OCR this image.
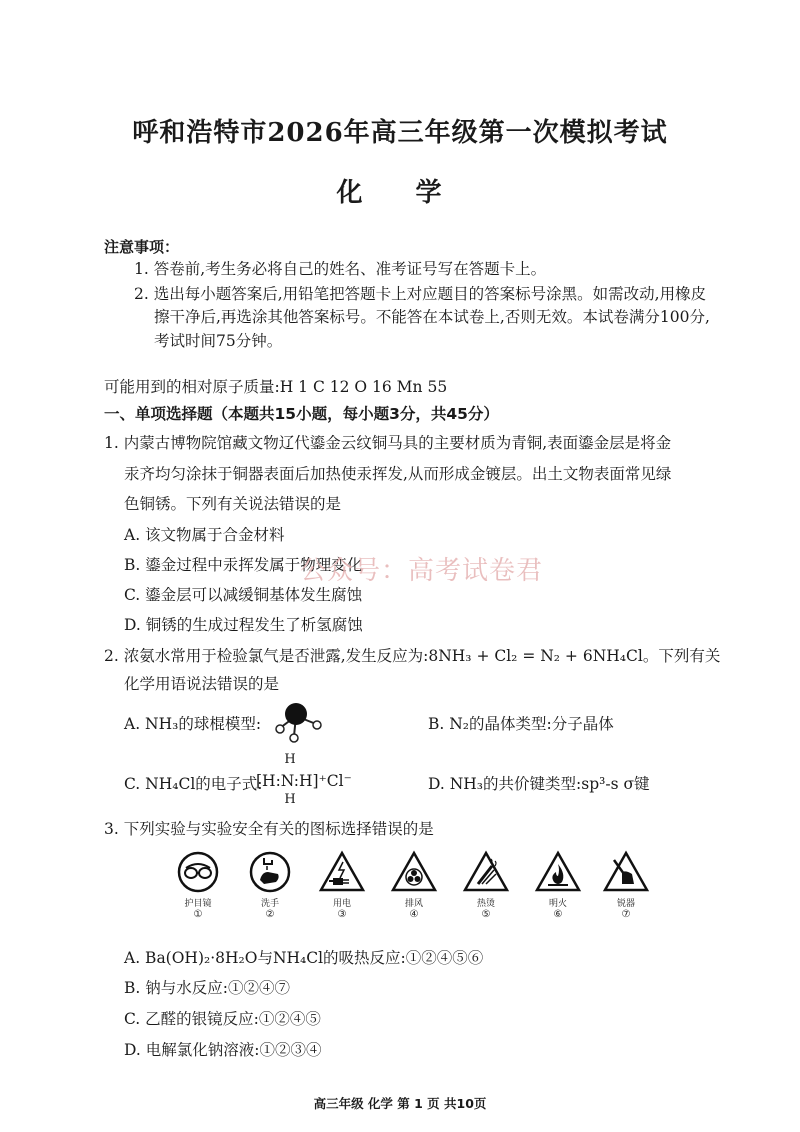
呼和浩特市2026年高三年级第一次模拟考试
化 学
注意事项：
1. 答卷前,考生务必将自己的姓名、准考证号写在答题卡上。
2. 选出每小题答案后,用铅笔把答题卡上对应题目的答案标号涂黑。如需改动,用橡皮
擦干净后,再选涂其他答案标号。不能答在本试卷上,否则无效。本试卷满分100分,
考试时间75分钟。
可能用到的相对原子质量:H 1 C 12 O 16 Mn 55
一、单项选择题（本题共15小题，每小题3分，共45分）
1. 内蒙古博物院馆藏文物辽代鎏金云纹铜马具的主要材质为青铜,表面鎏金层是将金
汞齐均匀涂抹于铜器表面后加热使汞挥发,从而形成金镀层。出土文物表面常见绿
色铜锈。下列有关说法错误的是
A. 该文物属于合金材料
B. 鎏金过程中汞挥发属于物理变化
C. 鎏金层可以减缓铜基体发生腐蚀
D. 铜锈的生成过程发生了析氢腐蚀
公众号：高考试卷君
2. 浓氨水常用于检验氯气是否泄露,发生反应为:8NH₃ + Cl₂ = N₂ + 6NH₄Cl。下列有关
化学用语说法错误的是
A. NH₃的球棍模型:	B. N₂的晶体类型:分子晶体
C. NH₄Cl的电子式:
H
[H:N:H]⁺Cl⁻
H
D. NH₃的共价键类型:sp³-s σ键
3. 下列实验与实验安全有关的图标选择错误的是
护目镜
①
洗手
②
用电
③
排风
④
热烫
⑤
明火
⑥
锐器
⑦
A. Ba(OH)₂·8H₂O与NH₄Cl的吸热反应:①②④⑤⑥
B. 钠与水反应:①②④⑦
C. 乙醛的银镜反应:①②④⑤
D. 电解氯化钠溶液:①②③④
高三年级 化学 第 1 页 共10页
